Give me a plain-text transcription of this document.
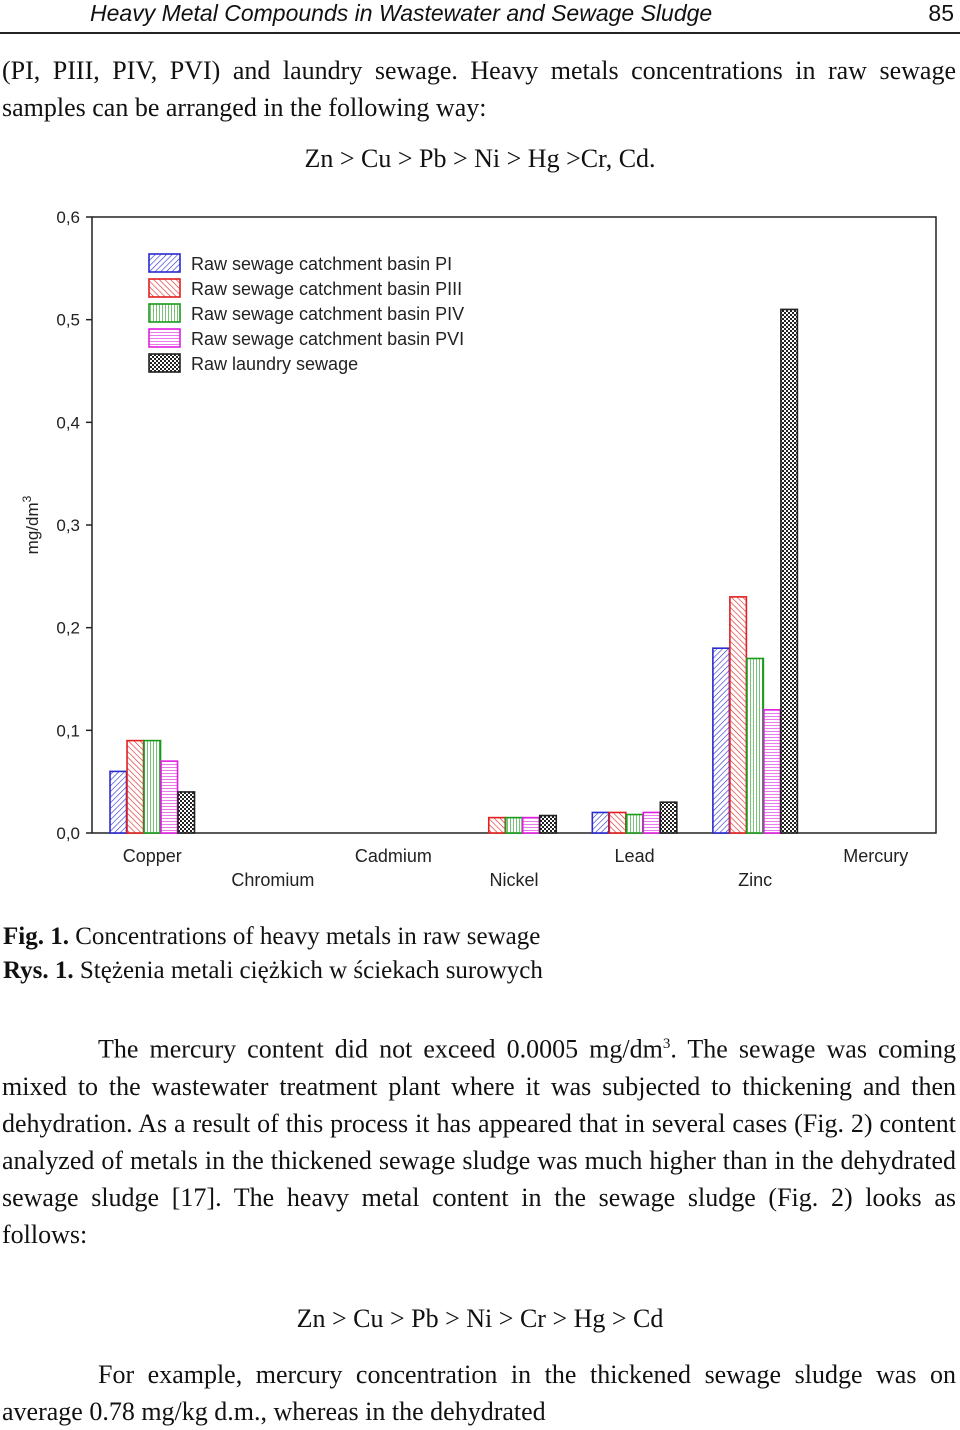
Heavy Metal Compounds in Wastewater and Sewage Sludge	85

(PI, PIII, PIV, PVI) and laundry sewage. Heavy metals concentrations in raw sewage samples can be arranged in the following way:

Zn > Cu > Pb > Ni > Hg >Cr, Cd.
0,0
0,1
0,2
0,3
0,4
0,5
0,6
$mg/dm^3$
Copper
Chromium
Cadmium
Nickel
Lead
Zinc
Mercury
Raw sewage catchment basin PI
Raw sewage catchment basin PIII
Raw sewage catchment basin PIV
Raw sewage catchment basin PVI
Raw laundry sewage
Fig. 1. Concentrations of heavy metals in raw sewage
Rys. 1. Stężenia metali ciężkich w ściekach surowych

The mercury content did not exceed 0.0005 $mg/dm^3$. The sewage was coming mixed to the wastewater treatment plant where it was subjected to thickening and then dehydration. As a result of this process it has appeared that in several cases (Fig. 2) content analyzed of metals in the thickened sewage sludge was much higher than in the dehydrated sewage sludge [17]. The heavy metal content in the sewage sludge (Fig. 2) looks as follows:

Zn > Cu > Pb > Ni > Cr > Hg > Cd

For example, mercury concentration in the thickened sewage sludge was on average 0.78 mg/kg d.m., whereas in the dehydrated
